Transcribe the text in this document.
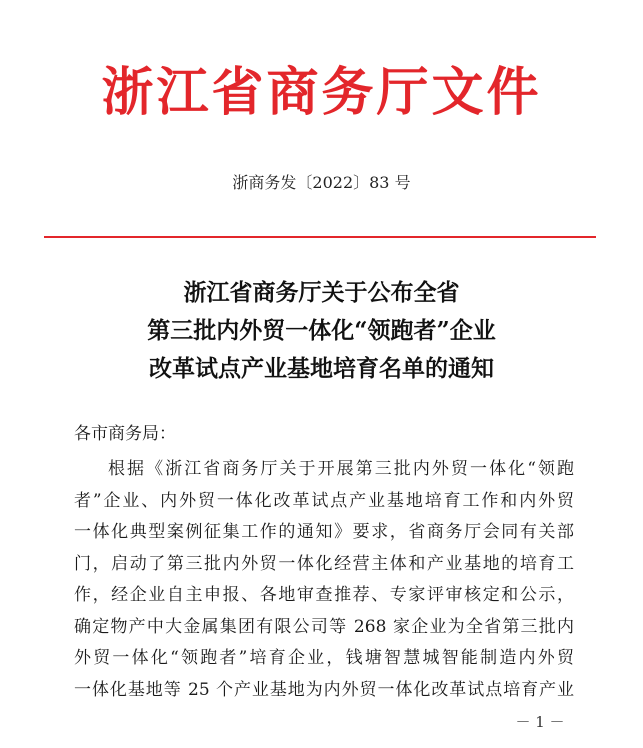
浙江省商务厅文件
浙商务发〔2022〕83 号
浙江省商务厅关于公布全省
第三批内外贸一体化“领跑者”企业
改革试点产业基地培育名单的通知
各市商务局：
根据《浙江省商务厅关于开展第三批内外贸一体化“领跑
者”企业、内外贸一体化改革试点产业基地培育工作和内外贸
一体化典型案例征集工作的通知》要求，省商务厅会同有关部
门，启动了第三批内外贸一体化经营主体和产业基地的培育工
作，经企业自主申报、各地审查推荐、专家评审核定和公示，
确定物产中大金属集团有限公司等 268 家企业为全省第三批内
外贸一体化“领跑者”培育企业，钱塘智慧城智能制造内外贸
一体化基地等 25 个产业基地为内外贸一体化改革试点培育产业
－ 1 －
